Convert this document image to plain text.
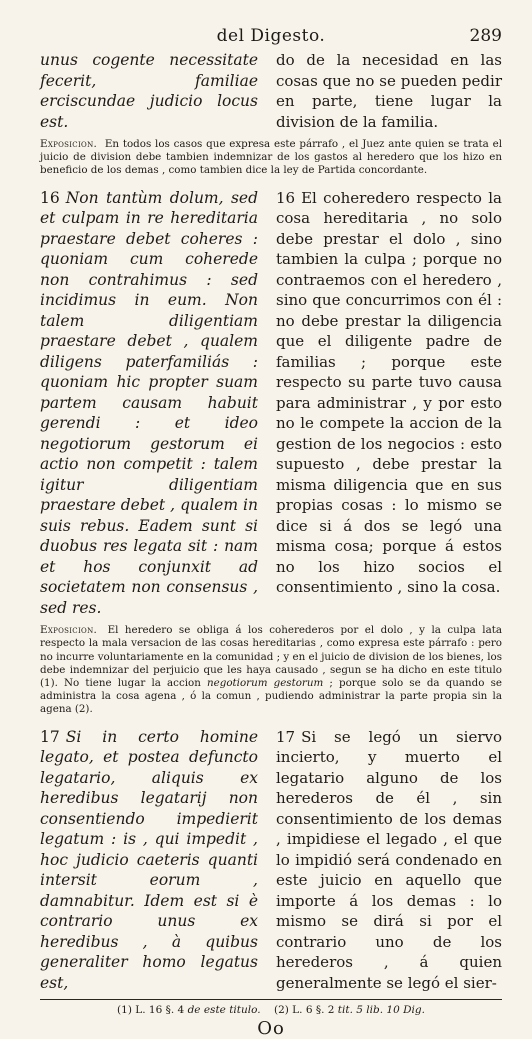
del Digesto.	289
unus cogente necessitate fecerit, familiae erciscundae judicio locus est.
do de la necesidad en las cosas que no se pueden pedir en parte, tiene lugar la division de la familia.
Exposicion. En todos los casos que expresa este párrafo , el Juez ante quien se trata el juicio de division debe tambien indemnizar de los gastos al heredero que los hizo en beneficio de los demas , como tambien dice la ley de Partida concordante.
16 Non tantùm dolum, sed et culpam in re hereditaria praestare debet coheres : quoniam cum coherede non contrahimus : sed incidimus in eum. Non talem diligentiam praestare debet , qualem diligens paterfamiliás : quoniam hic propter suam partem causam habuit gerendi : et ideo negotiorum gestorum ei actio non competit : talem igitur diligentiam praestare debet , qualem in suis rebus. Eadem sunt si duobus res legata sit : nam et hos conjunxit ad societatem non consensus , sed res.
16 El coheredero respecto la cosa hereditaria , no solo debe prestar el dolo , sino tambien la culpa ; porque no contraemos con el heredero , sino que concurrimos con él : no debe prestar la diligencia que el diligente padre de familias ; porque este respecto su parte tuvo causa para administrar , y por esto no le compete la accion de la gestion de los negocios : esto supuesto , debe prestar la misma diligencia que en sus propias cosas : lo mismo se dice si á dos se legó una misma cosa; porque á estos no los hizo socios el consentimiento , sino la cosa.
Exposicion. El heredero se obliga á los coherederos por el dolo , y la culpa lata respecto la mala versacion de las cosas hereditarias , como expresa este párrafo : pero no incurre voluntariamente en la comunidad ; y en el juicio de division de los bienes, los debe indemnizar del perjuicio que les haya causado , segun se ha dicho en este titulo (1). No tiene lugar la accion negotiorum gestorum ; porque solo se da quando se administra la cosa agena , ó la comun , pudiendo administrar la parte propia sin la agena (2).
17 Si in certo homine legato, et postea defuncto legatario, aliquis ex heredibus legatarij non consentiendo impedierit legatum : is , qui impedit , hoc judicio caeteris quanti intersit eorum , damnabitur. Idem est si è contrario unus ex heredibus , à quibus generaliter homo legatus est,
17 Si se legó un siervo incierto, y muerto el legatario alguno de los herederos de él , sin consentimiento de los demas , impidiese el legado , el que lo impidió será condenado en este juicio en aquello que importe á los demas : lo mismo se dirá si por el contrario uno de los herederos , á quien generalmente se legó el sier-
(1) L. 16 §. 4 de este titulo. (2) L. 6 §. 2 tit. 5 lib. 10 Dig.
Oo
